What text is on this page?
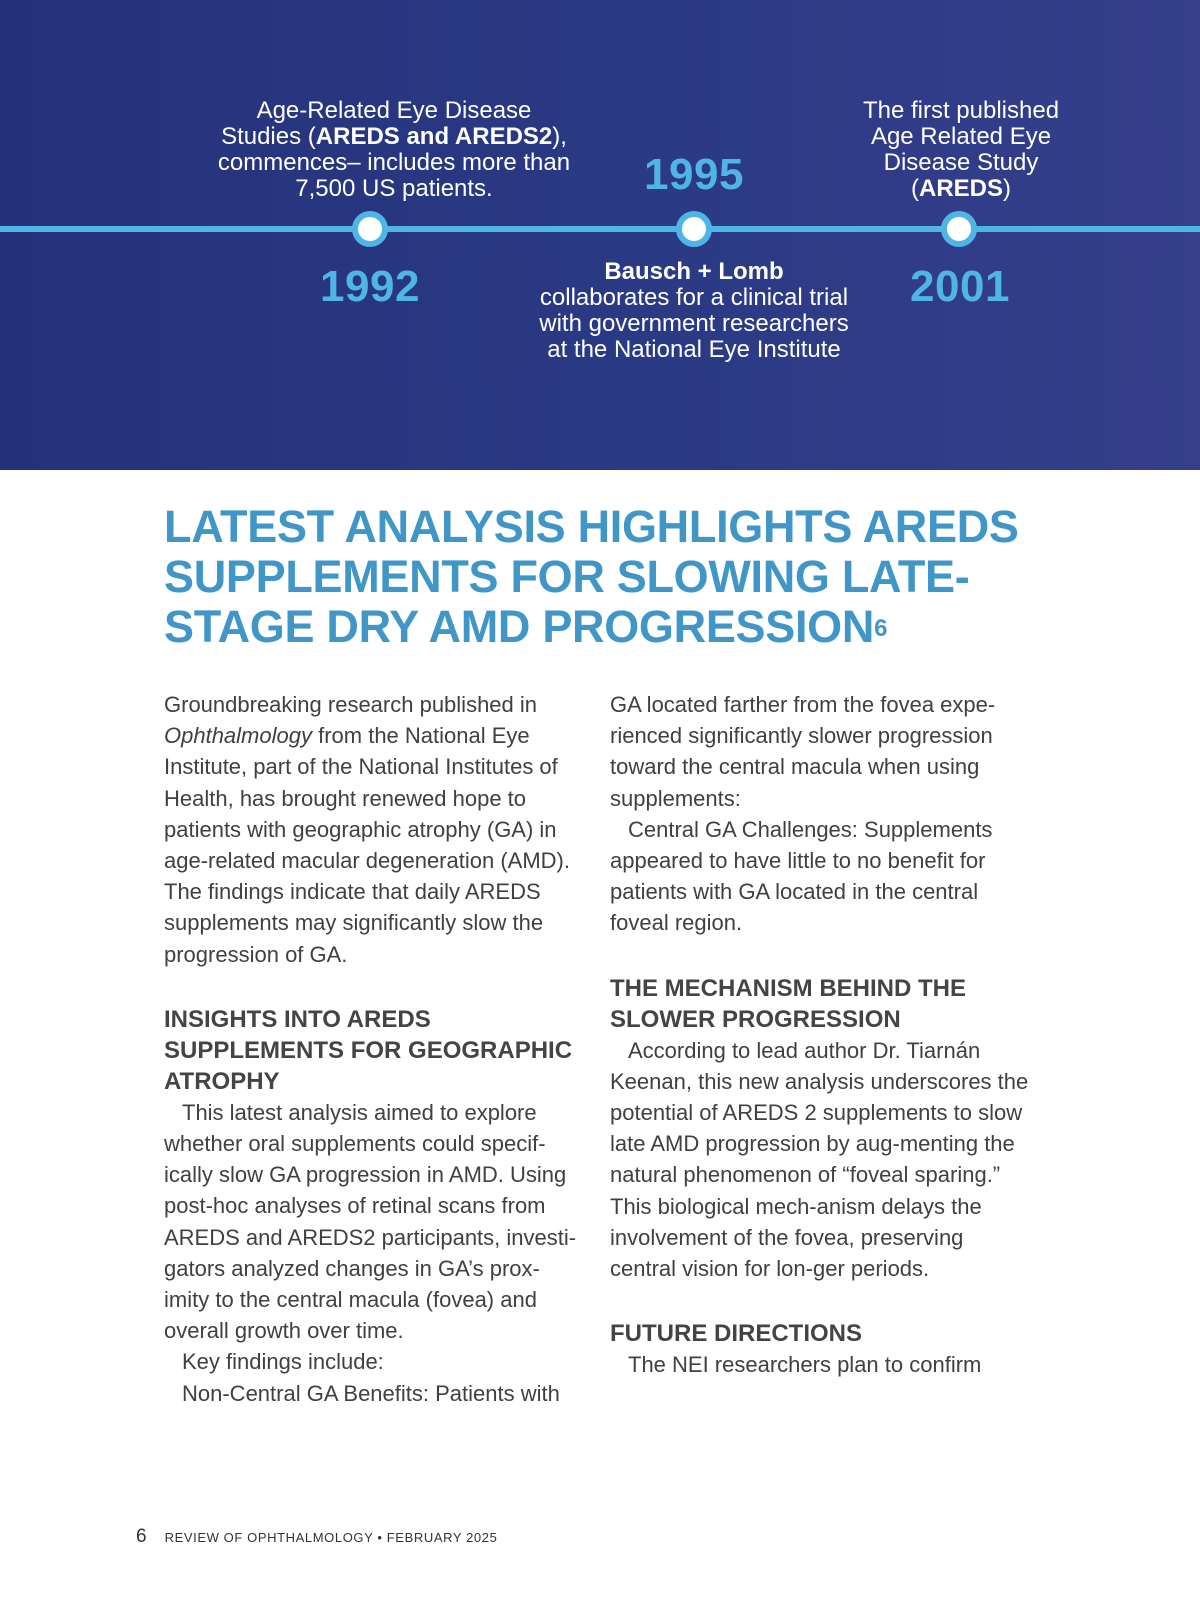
Age-Related Eye Disease Studies (AREDS and AREDS2), commences– includes more than 7,500 US patients.
1992
1995
Bausch + Lomb
collaborates for a clinical trial with government researchers at the National Eye Institute
The first published Age Related Eye Disease Study (AREDS)
2001
LATEST ANALYSIS HIGHLIGHTS AREDS SUPPLEMENTS FOR SLOWING LATE-STAGE DRY AMD PROGRESSION$^6$

Groundbreaking research published in Ophthalmology from the National Eye Institute, part of the National Institutes of Health, has brought renewed hope to patients with geographic atrophy (GA) in age-related macular degeneration (AMD). The findings indicate that daily AREDS supplements may significantly slow the progression of GA.

INSIGHTS INTO AREDS SUPPLEMENTS FOR GEOGRAPHIC ATROPHY

This latest analysis aimed to explore whether oral supplements could specif-ically slow GA progression in AMD. Using post-hoc analyses of retinal scans from AREDS and AREDS2 participants, investi-gators analyzed changes in GA’s prox-imity to the central macula (fovea) and overall growth over time.

Key findings include:

Non-Central GA Benefits: Patients with

GA located farther from the fovea expe-rienced significantly slower progression toward the central macula when using supplements:

Central GA Challenges: Supplements appeared to have little to no benefit for patients with GA located in the central foveal region.

THE MECHANISM BEHIND THE SLOWER PROGRESSION

According to lead author Dr. Tiarnán Keenan, this new analysis underscores the potential of AREDS 2 supplements to slow late AMD progression by aug-menting the natural phenomenon of “foveal sparing.” This biological mech-anism delays the involvement of the fovea, preserving central vision for lon-ger periods.

FUTURE DIRECTIONS

The NEI researchers plan to confirm

6 REVIEW OF OPHTHALMOLOGY • FEBRUARY 2025
